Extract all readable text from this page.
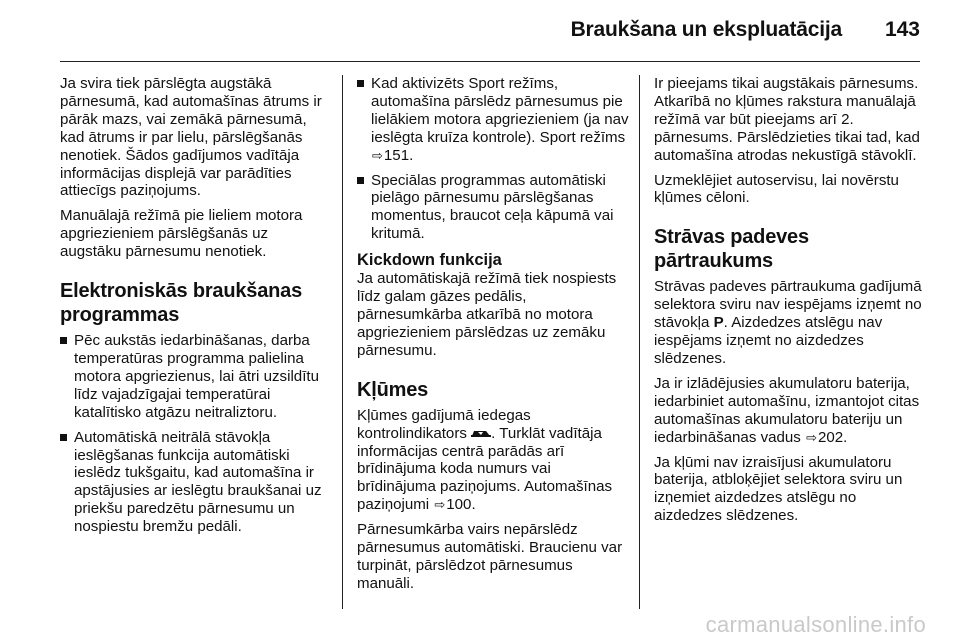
Braukšana un ekspluatācija 143

Ja svira tiek pārslēgta augstākā pārnesumā, kad automašīnas ātrums ir pārāk mazs, vai zemākā pārnesumā, kad ātrums ir par lielu, pārslēgšanās nenotiek. Šādos gadījumos vadītāja informācijas displejā var parādīties attiecīgs paziņojums.

Manuālajā režīmā pie lieliem motora apgriezieniem pārslēgšanās uz augstāku pārnesumu nenotiek.

Elektroniskās braukšanas programmas
Pēc aukstās iedarbināšanas, darba temperatūras programma palielina motora apgriezienus, lai ātri uzsildītu līdz vajadzīgajai temperatūrai katalītisko atgāzu neitraliztoru.
Automātiskā neitrālā stāvokļa ieslēgšanas funkcija automātiski ieslēdz tukšgaitu, kad automašīna ir apstājusies ar ieslēgtu braukšanai uz priekšu paredzētu pārnesumu un nospiestu bremžu pedāli.
Kad aktivizēts Sport režīms, automašīna pārslēdz pārnesumus pie lielākiem motora apgriezieniem (ja nav ieslēgta kruīza kontrole). Sport režīms ⇨151.
Speciālas programmas automātiski pielāgo pārnesumu pārslēgšanas momentus, braucot ceļa kāpumā vai kritumā.
Kickdown funkcija

Ja automātiskajā režīmā tiek nospiests līdz galam gāzes pedālis, pārnesumkārba atkarībā no motora apgriezieniem pārslēdzas uz zemāku pārnesumu.

Kļūmes

Kļūmes gadījumā iedegas kontrolindikators . Turklāt vadītāja informācijas centrā parādās arī brīdinājuma koda numurs vai brīdinājuma paziņojums. Automašīnas paziņojumi ⇨100.

Pārnesumkārba vairs nepārslēdz pārnesumus automātiski. Braucienu var turpināt, pārslēdzot pārnesumus manuāli.

Ir pieejams tikai augstākais pārnesums. Atkarībā no kļūmes rakstura manuālajā režīmā var būt pieejams arī 2. pārnesums. Pārslēdzieties tikai tad, kad automašīna atrodas nekustīgā stāvoklī.

Uzmeklējiet autoservisu, lai novērstu kļūmes cēloni.

Strāvas padeves pārtraukums

Strāvas padeves pārtraukuma gadījumā selektora sviru nav iespējams izņemt no stāvokļa P. Aizdedzes atslēgu nav iespējams izņemt no aizdedzes slēdzenes.

Ja ir izlādējusies akumulatoru baterija, iedarbiniet automašīnu, izmantojot citas automašīnas akumulatoru bateriju un iedarbināšanas vadus ⇨202.

Ja kļūmi nav izraisījusi akumulatoru baterija, atbloķējiet selektora sviru un izņemiet aizdedzes atslēgu no aizdedzes slēdzenes.

carmanualsonline.info
